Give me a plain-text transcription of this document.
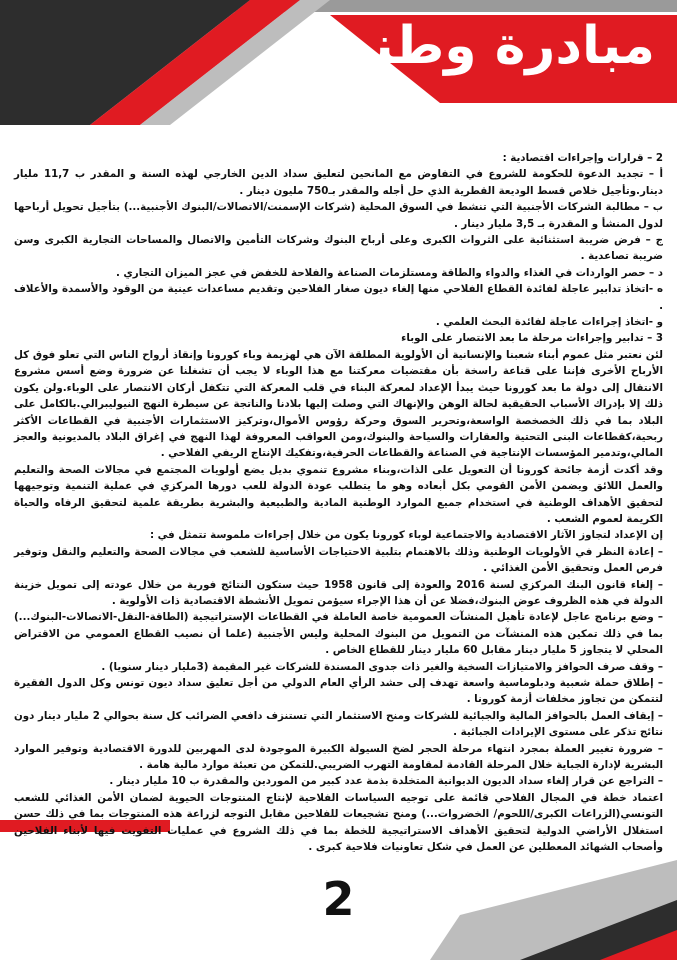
مبادرة وطنية

2 – قرارات وإجراءات اقتصادية :

أ – تجديد الدعوة للحكومة للشروع في التفاوض مع المانحين لتعليق سداد الدين الخارجي لهذه السنة و المقدر ب 11,7 مليار دينار.وتأجيل خلاص قسط الوديعة القطرية الذي حل أجله والمقدر بـ750 مليون دينار .

ب – مطالبة الشركات الأجنبية التي تنشط في السوق المحلية (شركات الإسمنت/الاتصالات/البنوك الأجنبية...) بتأجيل تحويل أرباحها لدول المنشأ و المقدرة بـ 3,5 مليار دينار .

ج – فرض ضريبة استثنائية على الثروات الكبرى وعلى أرباح البنوك وشركات التأمين والاتصال والمساحات التجارية الكبرى وسن ضريبة تصاعدية .

د – حصر الواردات في الغذاء والدواء والطاقة ومستلزمات الصناعة والفلاحة للخفض في عجز الميزان التجاري .

ه -اتخاذ تدابير عاجلة لفائدة القطاع الفلاحي منها إلغاء ديون صغار الفلاحين وتقديم مساعدات عينية من الوقود والأسمدة والأعلاف .

و -اتخاذ إجراءات عاجلة لفائدة البحث العلمي .

3 – تدابير وإجراءات مرحلة ما بعد الانتصار على الوباء

لئن نعتبر مثل عموم أبناء شعبنا والإنسانية أن الأولوية المطلقة الآن هي لهزيمة وباء كورونا وإنقاذ أرواح الناس التي تعلو فوق كل الأرباح الأخرى فإننا على قناعة راسخة بأن مقتضيات معركتنا مع هذا الوباء لا يجب أن تشغلنا عن ضرورة وضع أسس مشروع الانتقال إلى دولة ما بعد كورونا حيث يبدأ الإعداد لمعركة البناء في قلب المعركة التي تتكفل أركان الانتصار على الوباء.ولن يكون ذلك إلا بإدراك الأسباب الحقيقية لحالة الوهن والإنهاك التي وصلت إليها بلادنا والناتجة عن سيطرة النهج النيوليبرالي.بالكامل على البلاد بما في ذلك الخصخصة الواسعة،وتحرير السوق وحركة رؤوس الأموال،وتركيز الاستثمارات الأجنبية في القطاعات الأكثر ربحية،كقطاعات البنى التحتية والعقارات والسياحة والبنوك،ومن العواقب المعروفة لهذا النهج في إغراق البلاد بالمديونية والعجز المالي،وتدمير المؤسسات الإنتاجية في الصناعة والقطاعات الحرفية،وتفكيك الإنتاج الريفي الفلاحي .

وقد أكدت أزمة جائحة كورونا أن التعويل على الذات،وبناء مشروع تنموي بديل يضع أولويات المجتمع في مجالات الصحة والتعليم والعمل اللائق ويضمن الأمن القومي بكل أبعاده وهو ما يتطلب عودة الدولة للعب دورها المركزي في عملية التنمية وتوجيهها لتحقيق الأهداف الوطنية في استخدام جميع الموارد الوطنية المادية والطبيعية والبشرية بطريقة علمية لتحقيق الرفاه والحياة الكريمة لعموم الشعب .

إن الإعداد لتجاوز الآثار الاقتصادية والاجتماعية لوباء كورونا يكون من خلال إجراءات ملموسة تتمثل في :

– إعادة النظر في الأولويات الوطنية وذلك بالاهتمام بتلبية الاحتياجات الأساسية للشعب في مجالات الصحة والتعليم والنقل وتوفير فرص العمل وتحقيق الأمن الغذائي .

– إلغاء قانون البنك المركزي لسنة 2016 والعودة إلى قانون 1958 حيث ستكون النتائج فورية من خلال عودته إلى تمويل خزينة الدولة في هذه الظروف عوض البنوك،فضلا عن أن هذا الإجراء سيؤمن تمويل الأنشطة الاقتصادية ذات الأولوية .

– وضع برنامج عاجل لإعادة تأهيل المنشآت العمومية خاصة العاملة في القطاعات الإستراتيجية (الطاقة-النقل-الاتصالات-البنوك...) بما في ذلك تمكين هذه المنشآت من التمويل من البنوك المحلية وليس الأجنبية (علما أن نصيب القطاع العمومي من الاقتراض المحلي لا يتجاوز 5 مليار دينار مقابل 60 مليار دينار للقطاع الخاص .

– وقف صرف الحوافز والامتيازات السخية والغير ذات جدوى المسندة للشركات غير المقيمة (3مليار دينار سنويا) .

– إطلاق حملة شعبية ودبلوماسية واسعة تهدف إلى حشد الرأي العام الدولي من أجل تعليق سداد ديون تونس وكل الدول الفقيرة لتتمكن من تجاوز مخلفات أزمة كورونا .

– إيقاف العمل بالحوافز المالية والجبائية للشركات ومنح الاستثمار التي تستنزف دافعي الضرائب كل سنة بحوالي 2 مليار دينار دون نتائج تذكر على مستوى الإيرادات الجبائية .

– ضرورة تغيير العملة بمجرد انتهاء مرحلة الحجر لضخ السيولة الكبيرة الموجودة لدى المهربين للدورة الاقتصادية وتوفير الموارد البشرية لإدارة الجباية خلال المرحلة القادمة لمقاومة التهرب الضريبي.للتمكن من تعبئة موارد مالية هامة .

– التراجع عن قرار إلغاء سداد الديون الديوانية المتخلدة بذمة عدد كبير من الموردين والمقدرة ب 10 مليار دينار .

اعتماد خطة في المجال الفلاحي قائمة على توجيه السياسات الفلاحية لإنتاج المنتوجات الحيوية لضمان الأمن الغذائي للشعب التونسي(الزراعات الكبرى/اللحوم/ الخضروات...) ومنح تشجيعات للفلاحين مقابل التوجه لزراعة هذه المنتوجات بما في ذلك حسن استغلال الأراضي الدولية لتحقيق الأهداف الاستراتيجية للخطة بما في ذلك الشروع في عمليات التفويت فيها لأبناء الفلاحين وأصحاب الشهائد المعطلين عن العمل في شكل تعاونيات فلاحية كبرى .

2
